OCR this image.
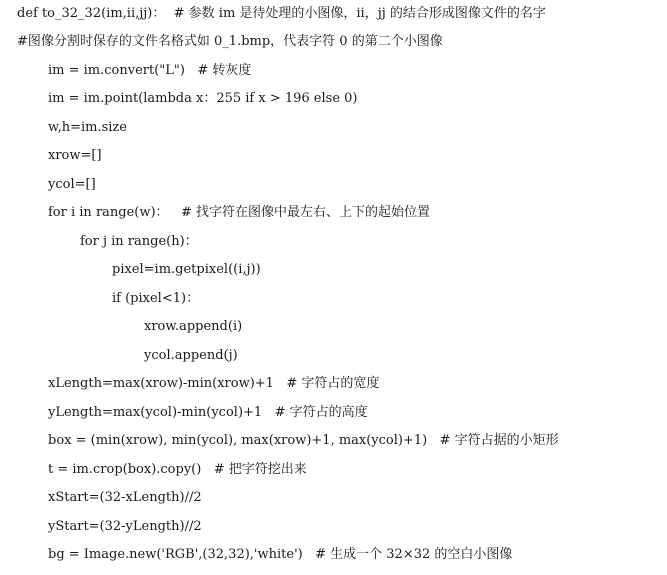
def to_32_32(im,ii,jj)：  # 参数 im 是待处理的小图像，ii，jj 的结合形成图像文件的名字
#图像分割时保存的文件名格式如 0_1.bmp，代表字符 0 的第二个小图像
im = im.convert("L")   # 转灰度
im = im.point(lambda x：255 if x > 196 else 0)
w,h=im.size
xrow=[]
ycol=[]
for i in range(w)：   # 找字符在图像中最左右、上下的起始位置
for j in range(h)：
pixel=im.getpixel((i,j))
if (pixel<1)：
xrow.append(i)
ycol.append(j)
xLength=max(xrow)-min(xrow)+1   # 字符占的宽度
yLength=max(ycol)-min(ycol)+1   # 字符占的高度
box = (min(xrow), min(ycol), max(xrow)+1, max(ycol)+1)   # 字符占据的小矩形
t = im.crop(box).copy()   # 把字符挖出来
xStart=(32-xLength)//2
yStart=(32-yLength)//2
bg = Image.new('RGB',(32,32),'white')   # 生成一个 32×32 的空白小图像
